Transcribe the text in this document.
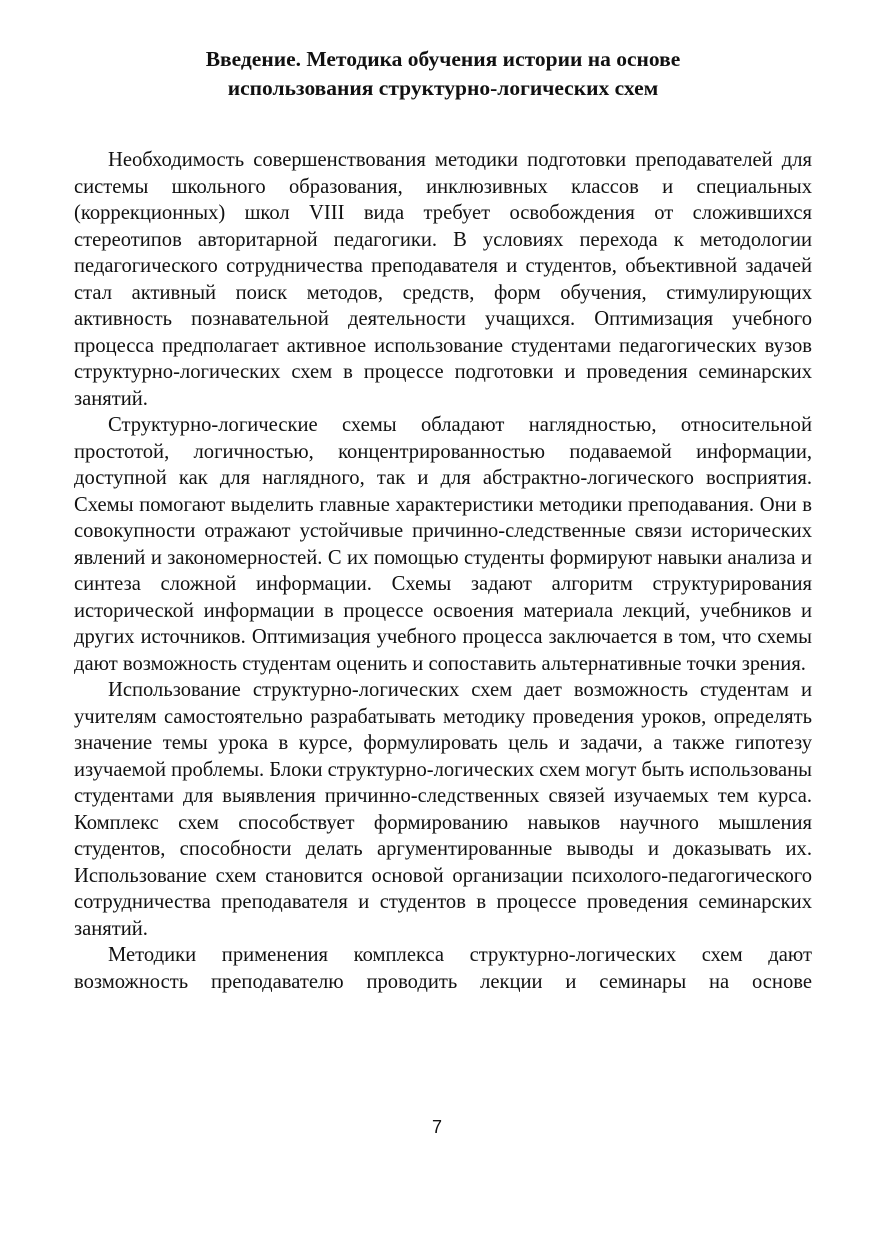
Введение. Методика обучения истории на основе
использования структурно-логических схем

Необходимость совершенствования методики подготовки преподавателей для системы школьного образования, инклюзивных классов и специальных (коррекционных) школ VIII вида требует освобождения от сложившихся стереотипов авторитарной педагогики. В условиях перехода к методологии педагогического сотрудничества преподавателя и студентов, объективной задачей стал активный поиск методов, средств, форм обучения, стимулирующих активность познавательной деятельности учащихся. Оптимизация учебного процесса предполагает активное использование студентами педагогических вузов структурно-логических схем в процессе подготовки и проведения семинарских занятий.

Структурно-логические схемы обладают наглядностью, относительной простотой, логичностью, концентрированностью подаваемой информации, доступной как для наглядного, так и для абстрактно-логического восприятия. Схемы помогают выделить главные характеристики методики преподавания. Они в совокупности отражают устойчивые причинно-следственные связи исторических явлений и закономерностей. С их помощью студенты формируют навыки анализа и синтеза сложной информации. Схемы задают алгоритм структурирования исторической информации в процессе освоения материала лекций, учебников и других источников. Оптимизация учебного процесса заключается в том, что схемы дают возможность студентам оценить и сопоставить альтернативные точки зрения.

Использование структурно-логических схем дает возможность студентам и учителям самостоятельно разрабатывать методику проведения уроков, определять значение темы урока в курсе, формулировать цель и задачи, а также гипотезу изучаемой проблемы. Блоки структурно-логических схем могут быть использованы студентами для выявления причинно-следственных связей изучаемых тем курса. Комплекс схем способствует формированию навыков научного мышления студентов, способности делать аргументированные выводы и доказывать их. Использование схем становится основой организации психолого-педагогического сотрудничества преподавателя и студентов в процессе проведения семинарских занятий.

Методики применения комплекса структурно-логических схем дают возможность преподавателю проводить лекции и семинары на основе

7
